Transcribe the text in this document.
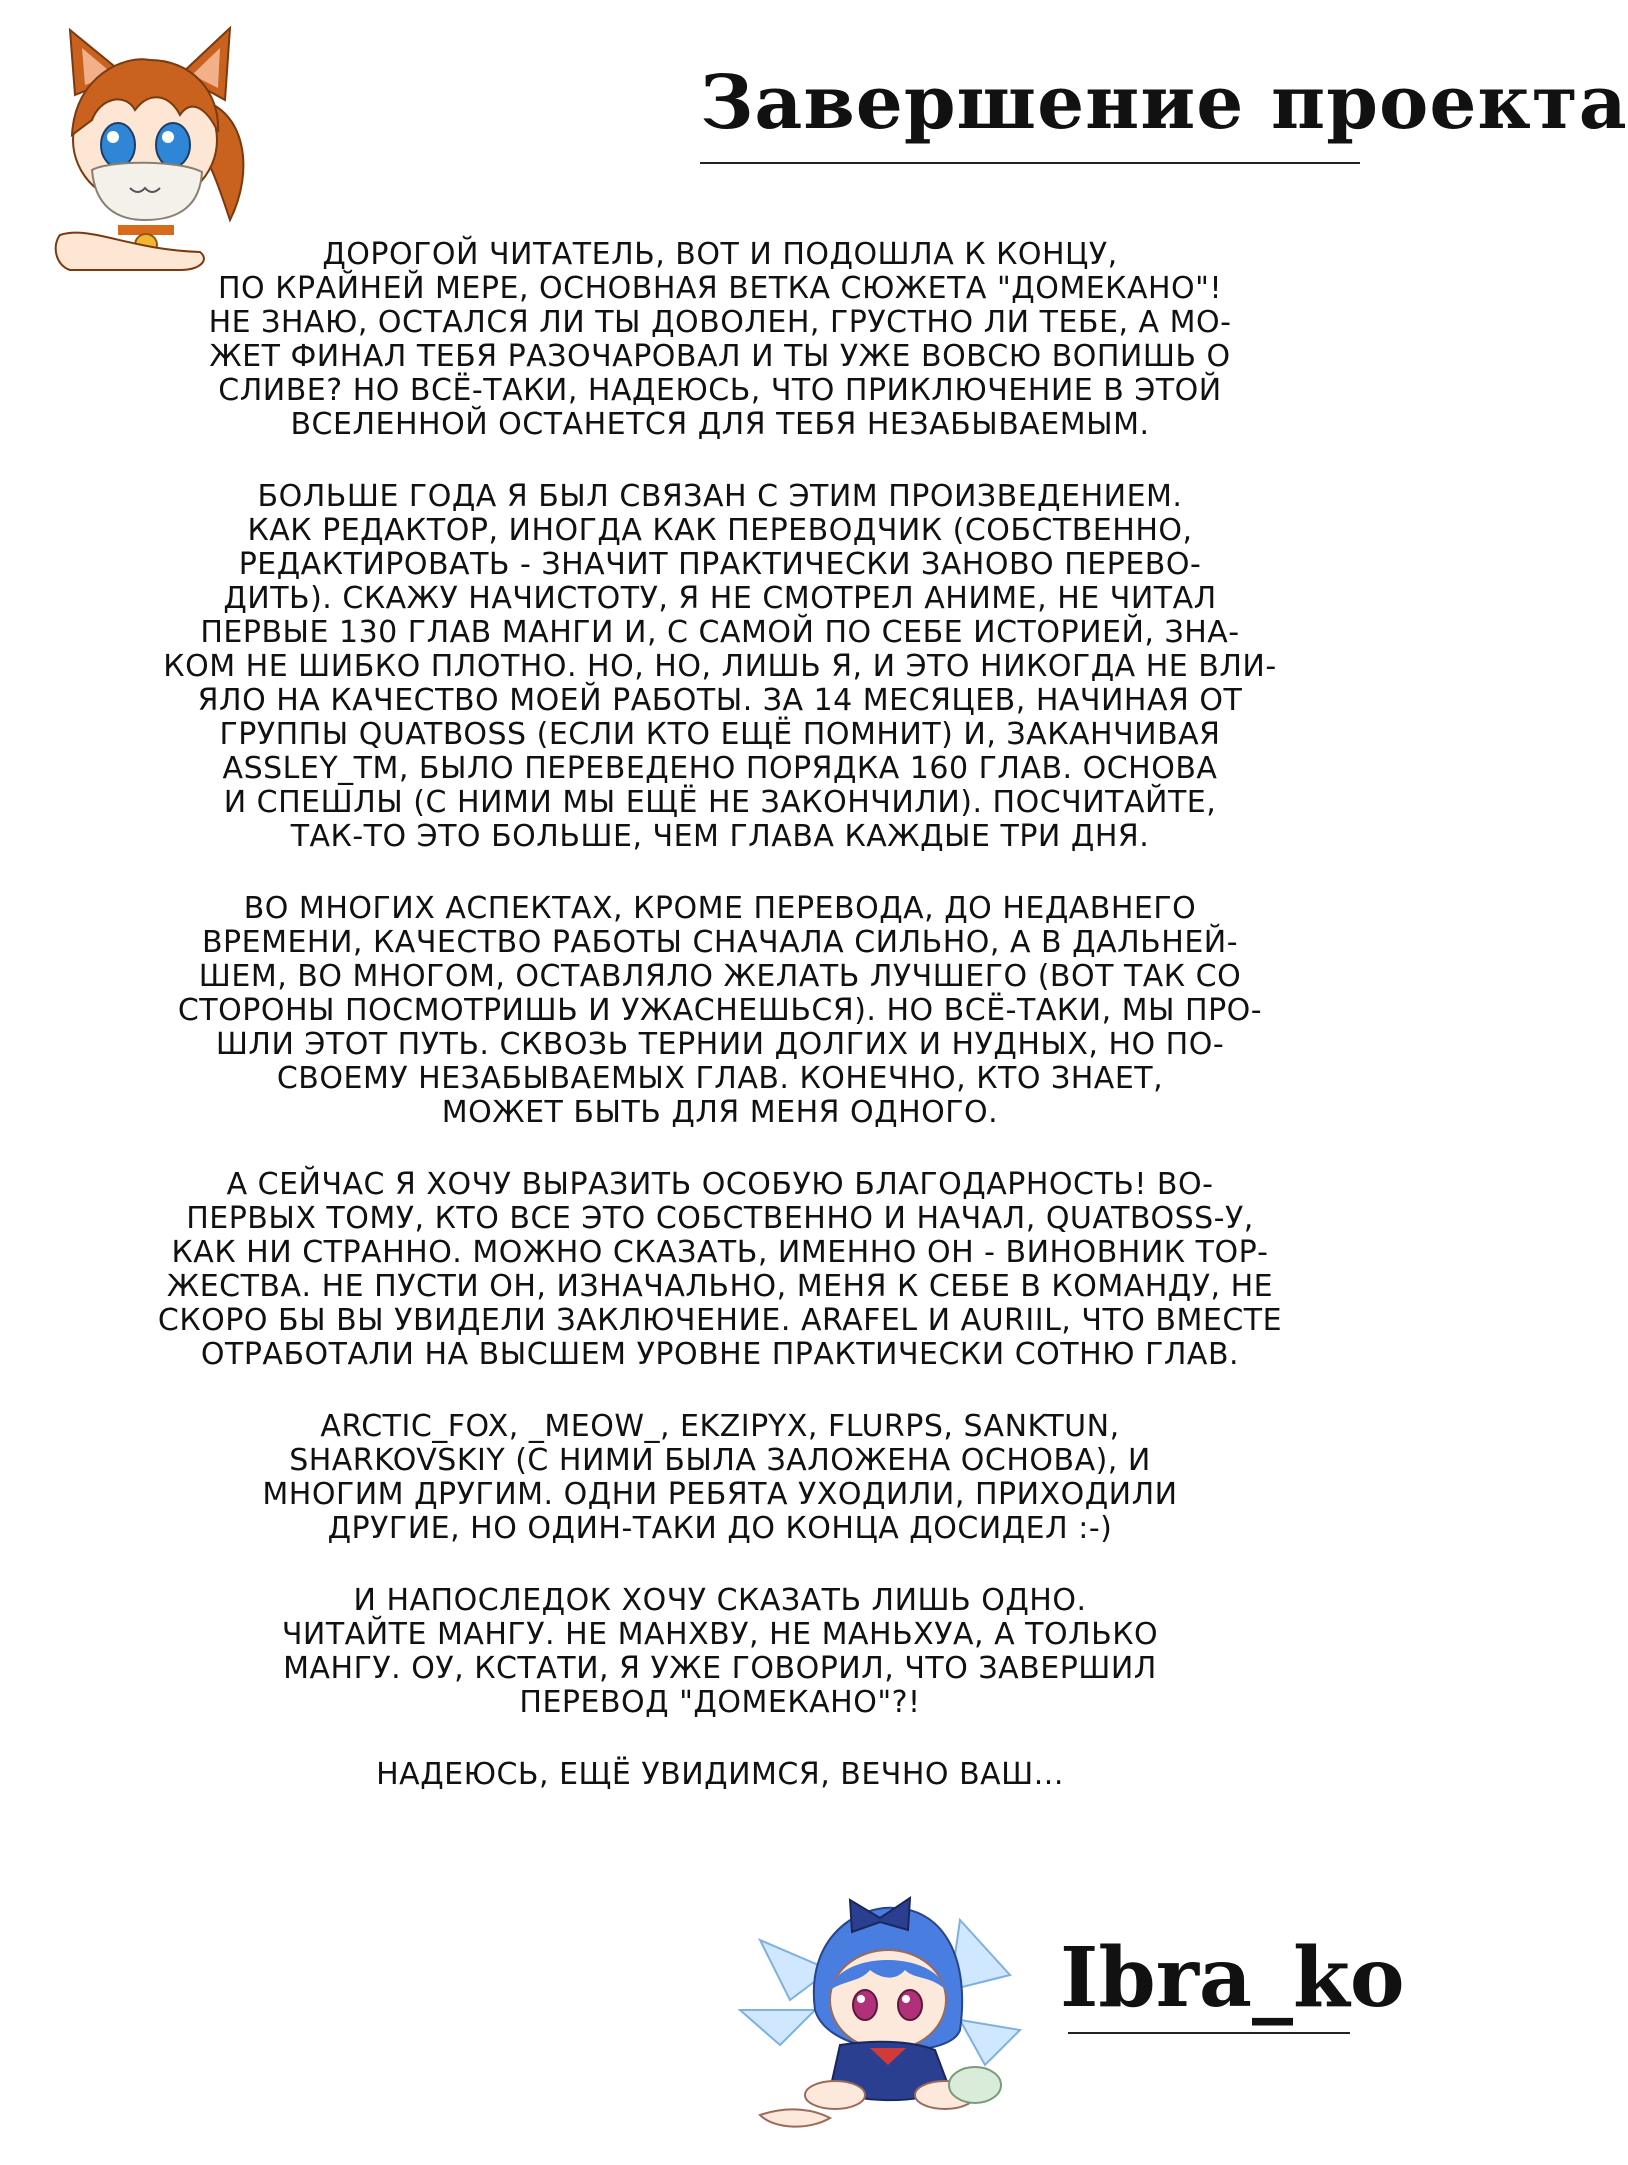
Завершение проекта
ДОРОГОЙ ЧИТАТЕЛЬ, ВОТ И ПОДОШЛА К КОНЦУ,
ПО КРАЙНЕЙ МЕРЕ, ОСНОВНАЯ ВЕТКА СЮЖЕТА "ДОМЕКАНО"!
НЕ ЗНАЮ, ОСТАЛСЯ ЛИ ТЫ ДОВОЛЕН, ГРУСТНО ЛИ ТЕБЕ, А МО-
ЖЕТ ФИНАЛ ТЕБЯ РАЗОЧАРОВАЛ И ТЫ УЖЕ ВОВСЮ ВОПИШЬ О
СЛИВЕ? НО ВСЁ-ТАКИ, НАДЕЮСЬ, ЧТО ПРИКЛЮЧЕНИЕ В ЭТОЙ
ВСЕЛЕННОЙ ОСТАНЕТСЯ ДЛЯ ТЕБЯ НЕЗАБЫВАЕМЫМ.
БОЛЬШЕ ГОДА Я БЫЛ СВЯЗАН С ЭТИМ ПРОИЗВЕДЕНИЕМ.
КАК РЕДАКТОР, ИНОГДА КАК ПЕРЕВОДЧИК (СОБСТВЕННО,
РЕДАКТИРОВАТЬ - ЗНАЧИТ ПРАКТИЧЕСКИ ЗАНОВО ПЕРЕВО-
ДИТЬ). СКАЖУ НАЧИСТОТУ, Я НЕ СМОТРЕЛ АНИМЕ, НЕ ЧИТАЛ
ПЕРВЫЕ 130 ГЛАВ МАНГИ И, С САМОЙ ПО СЕБЕ ИСТОРИЕЙ, ЗНА-
КОМ НЕ ШИБКО ПЛОТНО. НО, НО, ЛИШЬ Я, И ЭТО НИКОГДА НЕ ВЛИ-
ЯЛО НА КАЧЕСТВО МОЕЙ РАБОТЫ. ЗА 14 МЕСЯЦЕВ, НАЧИНАЯ ОТ
ГРУППЫ QUATBOSS (ЕСЛИ КТО ЕЩЁ ПОМНИТ) И, ЗАКАНЧИВАЯ
ASSLEY_TM, БЫЛО ПЕРЕВЕДЕНО ПОРЯДКА 160 ГЛАВ. ОСНОВА
И СПЕШЛЫ (С НИМИ МЫ ЕЩЁ НЕ ЗАКОНЧИЛИ). ПОСЧИТАЙТЕ,
ТАК-ТО ЭТО БОЛЬШЕ, ЧЕМ ГЛАВА КАЖДЫЕ ТРИ ДНЯ.
ВО МНОГИХ АСПЕКТАХ, КРОМЕ ПЕРЕВОДА, ДО НЕДАВНЕГО
ВРЕМЕНИ, КАЧЕСТВО РАБОТЫ СНАЧАЛА СИЛЬНО, А В ДАЛЬНЕЙ-
ШЕМ, ВО МНОГОМ, ОСТАВЛЯЛО ЖЕЛАТЬ ЛУЧШЕГО (ВОТ ТАК СО
СТОРОНЫ ПОСМОТРИШЬ И УЖАСНЕШЬСЯ). НО ВСЁ-ТАКИ, МЫ ПРО-
ШЛИ ЭТОТ ПУТЬ. СКВОЗЬ ТЕРНИИ ДОЛГИХ И НУДНЫХ, НО ПО-
СВОЕМУ НЕЗАБЫВАЕМЫХ ГЛАВ. КОНЕЧНО, КТО ЗНАЕТ,
МОЖЕТ БЫТЬ ДЛЯ МЕНЯ ОДНОГО.
А СЕЙЧАС Я ХОЧУ ВЫРАЗИТЬ ОСОБУЮ БЛАГОДАРНОСТЬ! ВО-
ПЕРВЫХ ТОМУ, КТО ВСЕ ЭТО СОБСТВЕННО И НАЧАЛ, QUATBOSS-У,
КАК НИ СТРАННО. МОЖНО СКАЗАТЬ, ИМЕННО ОН - ВИНОВНИК ТОР-
ЖЕСТВА. НЕ ПУСТИ ОН, ИЗНАЧАЛЬНО, МЕНЯ К СЕБЕ В КОМАНДУ, НЕ
СКОРО БЫ ВЫ УВИДЕЛИ ЗАКЛЮЧЕНИЕ. ARAFEL И AURIIL, ЧТО ВМЕСТЕ
ОТРАБОТАЛИ НА ВЫСШЕМ УРОВНЕ ПРАКТИЧЕСКИ СОТНЮ ГЛАВ.
ARCTIC_FOX, _MEOW_, EKZIPYX, FLURPS, SANKTUN,
SHARKOVSKIY (С НИМИ БЫЛА ЗАЛОЖЕНА ОСНОВА), И
МНОГИМ ДРУГИМ. ОДНИ РЕБЯТА УХОДИЛИ, ПРИХОДИЛИ
ДРУГИЕ, НО ОДИН-ТАКИ ДО КОНЦА ДОСИДЕЛ :-)
И НАПОСЛЕДОК ХОЧУ СКАЗАТЬ ЛИШЬ ОДНО.
ЧИТАЙТЕ МАНГУ. НЕ МАНХВУ, НЕ МАНЬХУА, А ТОЛЬКО
МАНГУ. ОУ, КСТАТИ, Я УЖЕ ГОВОРИЛ, ЧТО ЗАВЕРШИЛ
ПЕРЕВОД "ДОМЕКАНО"?!
НАДЕЮСЬ, ЕЩЁ УВИДИМСЯ, ВЕЧНО ВАШ...
Ibra_ko
